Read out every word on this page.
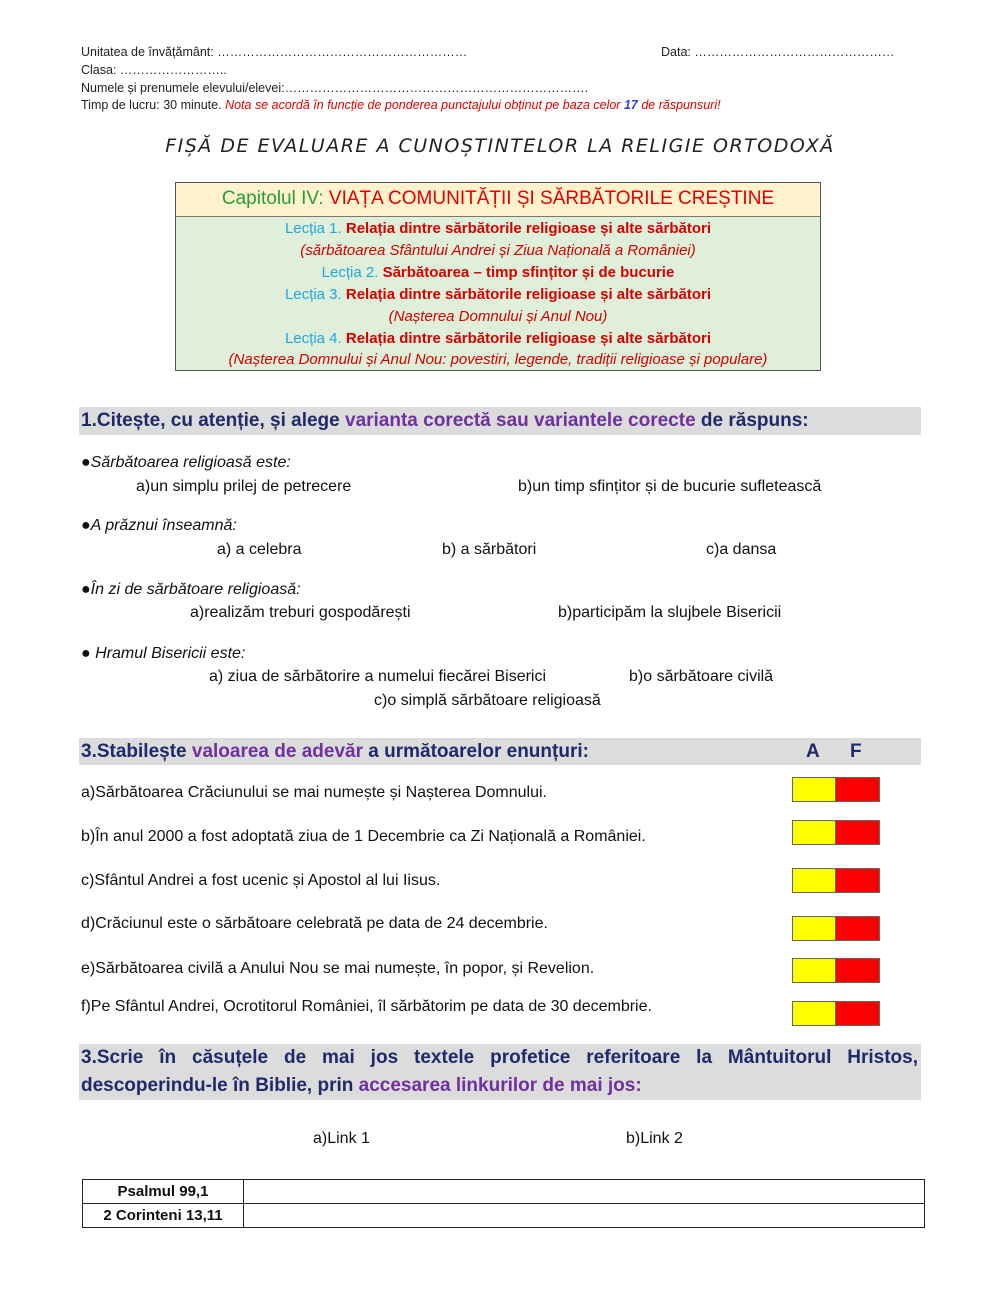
Unitatea de învățământ: ……………………………………………………	Data: …………………………………………
Clasa: ……………………..
Numele și prenumele elevului/elevei:……………………………………………………………….
Timp de lucru: 30 minute. Nota se acordă în funcție de ponderea punctajului obținut pe baza celor 17 de răspunsuri!
FIȘĂ DE EVALUARE A CUNOȘTINTELOR LA RELIGIE ORTODOXĂ
Capitolul IV: VIAȚA COMUNITĂȚII ȘI SĂRBĂTORILE CREȘTINE
Lecția 1. Relația dintre sărbătorile religioase și alte sărbători
(sărbătoarea Sfântului Andrei și Ziua Națională a României)
Lecția 2. Sărbătoarea – timp sfințitor și de bucurie
Lecția 3. Relația dintre sărbătorile religioase și alte sărbători
(Nașterea Domnului și Anul Nou)
Lecția 4. Relația dintre sărbătorile religioase și alte sărbători
(Nașterea Domnului și Anul Nou: povestiri, legende, tradiții religioase și populare)
1.Citește, cu atenție, și alege varianta corectă sau variantele corecte de răspuns:
●Sărbătoarea religioasă este:
a)un simplu prilej de petrecere	b)un timp sfințitor și de bucurie sufletească
●A prăznui înseamnă:
a) a celebra	b) a sărbători	c)a dansa
●În zi de sărbătoare religioasă:
a)realizăm treburi gospodărești	b)participăm la slujbele Bisericii
● Hramul Bisericii este:
a) ziua de sărbătorire a numelui fiecărei Biserici	b)o sărbătoare civilă
c)o simplă sărbătoare religioasă
3.Stabilește valoarea de adevăr a următoarelor enunțuri:	A F
a)Sărbătoarea Crăciunului se mai numește și Nașterea Domnului.
b)În anul 2000 a fost adoptată ziua de 1 Decembrie ca Zi Națională a României.
c)Sfântul Andrei a fost ucenic și Apostol al lui Iisus.
d)Crăciunul este o sărbătoare celebrată pe data de 24 decembrie.
e)Sărbătoarea civilă a Anului Nou se mai numește, în popor, și Revelion.
f)Pe Sfântul Andrei, Ocrotitorul României, îl sărbătorim pe data de 30 decembrie.
3.Scrie în căsuțele de mai jos textele profetice referitoare la Mântuitorul Hristos,
descoperindu-le în Biblie, prin accesarea linkurilor de mai jos:
a)Link 1	b)Link 2
Psalmul 99,1	
2 Corinteni 13,11	
